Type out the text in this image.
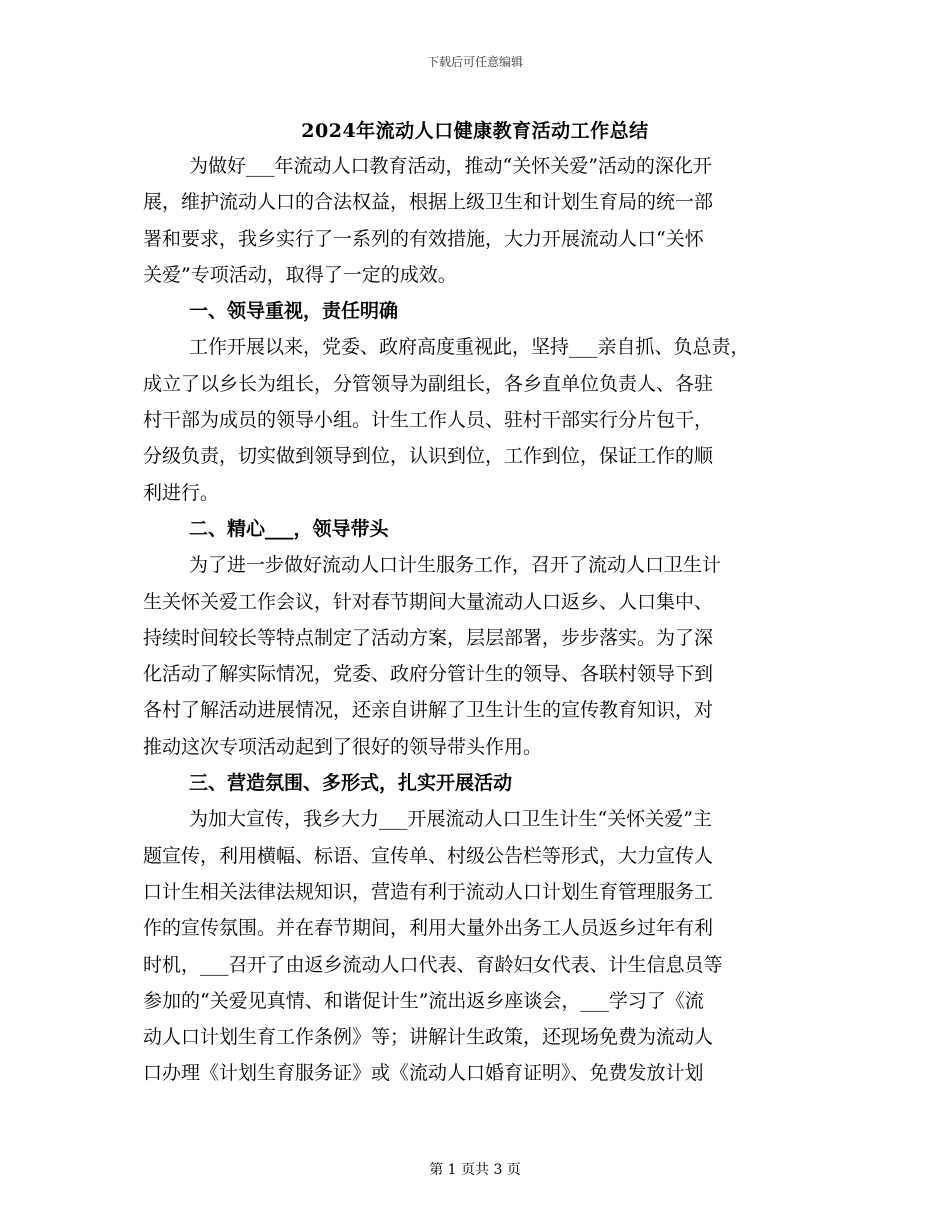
下载后可任意编辑
2024年流动人口健康教育活动工作总结
为做好___年流动人口教育活动，推动“关怀关爱”活动的深化开
展，维护流动人口的合法权益，根据上级卫生和计划生育局的统一部
署和要求，我乡实行了一系列的有效措施，大力开展流动人口“关怀
关爱”专项活动，取得了一定的成效。
一、领导重视，责任明确
工作开展以来，党委、政府高度重视此，坚持___亲自抓、负总责，
成立了以乡长为组长，分管领导为副组长，各乡直单位负责人、各驻
村干部为成员的领导小组。计生工作人员、驻村干部实行分片包干，
分级负责，切实做到领导到位，认识到位，工作到位，保证工作的顺
利进行。
二、精心___，领导带头
为了进一步做好流动人口计生服务工作，召开了流动人口卫生计
生关怀关爱工作会议，针对春节期间大量流动人口返乡、人口集中、
持续时间较长等特点制定了活动方案，层层部署，步步落实。为了深
化活动了解实际情况，党委、政府分管计生的领导、各联村领导下到
各村了解活动进展情况，还亲自讲解了卫生计生的宣传教育知识，对
推动这次专项活动起到了很好的领导带头作用。
三、营造氛围、多形式，扎实开展活动
为加大宣传，我乡大力___开展流动人口卫生计生“关怀关爱”主
题宣传，利用横幅、标语、宣传单、村级公告栏等形式，大力宣传人
口计生相关法律法规知识，营造有利于流动人口计划生育管理服务工
作的宣传氛围。并在春节期间，利用大量外出务工人员返乡过年有利
时机，___召开了由返乡流动人口代表、育龄妇女代表、计生信息员等
参加的“关爱见真情、和谐促计生”流出返乡座谈会，___学习了《流
动人口计划生育工作条例》等；讲解计生政策，还现场免费为流动人
口办理《计划生育服务证》或《流动人口婚育证明》、免费发放计划
第 1 页共 3 页
